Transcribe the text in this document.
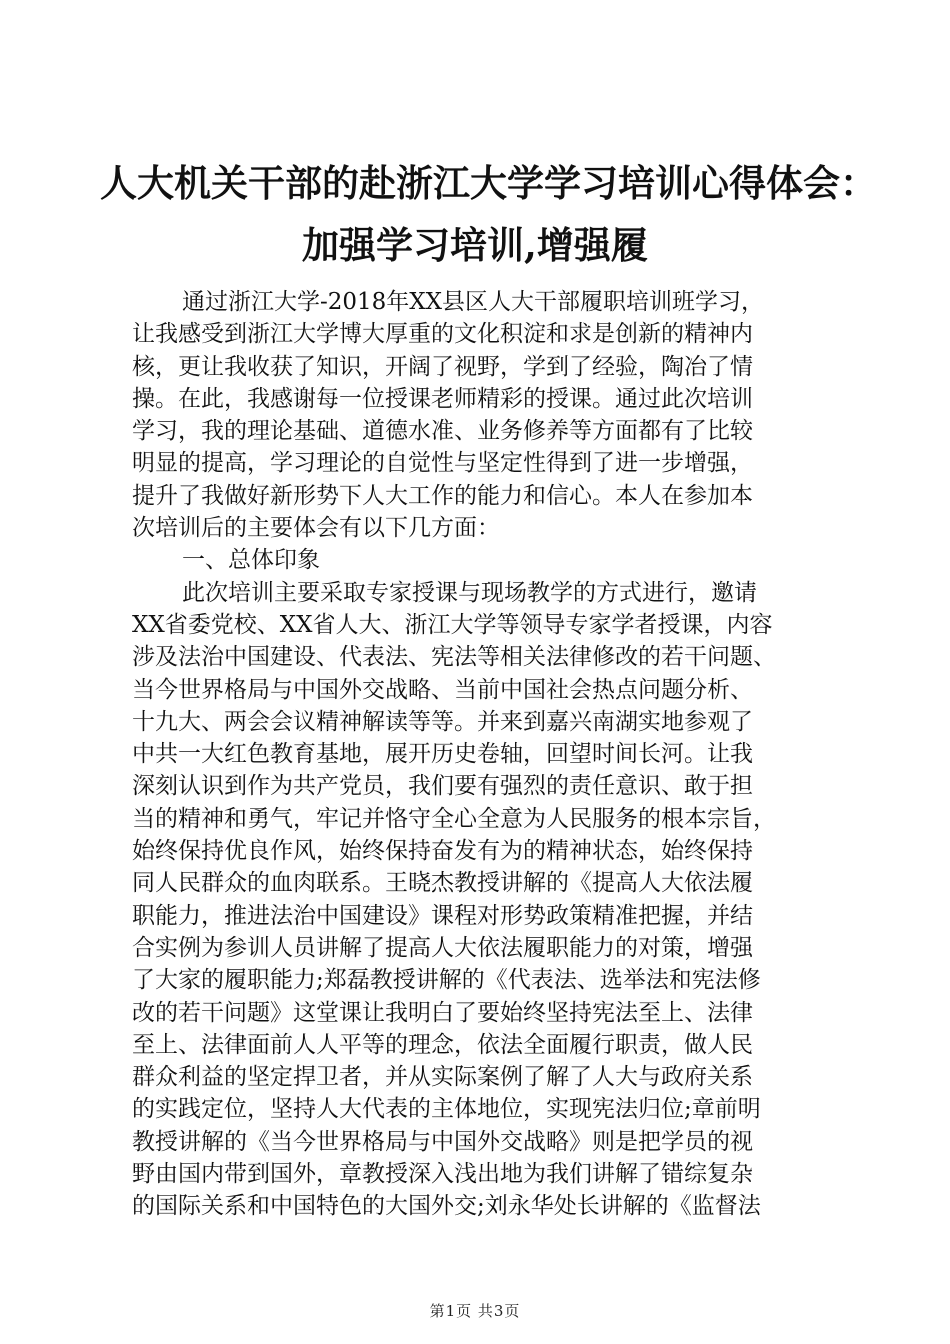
人大机关干部的赴浙江大学学习培训心得体会：
加强学习培训,增强履
通过浙江大学-2018年XX县区人大干部履职培训班学习，
让我感受到浙江大学博大厚重的文化积淀和求是创新的精神内
核，更让我收获了知识，开阔了视野，学到了经验，陶冶了情
操。在此，我感谢每一位授课老师精彩的授课。通过此次培训
学习，我的理论基础、道德水准、业务修养等方面都有了比较
明显的提高，学习理论的自觉性与坚定性得到了进一步增强，
提升了我做好新形势下人大工作的能力和信心。本人在参加本
次培训后的主要体会有以下几方面：
一、总体印象
此次培训主要采取专家授课与现场教学的方式进行，邀请
XX省委党校、XX省人大、浙江大学等领导专家学者授课，内容
涉及法治中国建设、代表法、宪法等相关法律修改的若干问题、
当今世界格局与中国外交战略、当前中国社会热点问题分析、
十九大、两会会议精神解读等等。并来到嘉兴南湖实地参观了
中共一大红色教育基地，展开历史卷轴，回望时间长河。让我
深刻认识到作为共产党员，我们要有强烈的责任意识、敢于担
当的精神和勇气，牢记并恪守全心全意为人民服务的根本宗旨，
始终保持优良作风，始终保持奋发有为的精神状态，始终保持
同人民群众的血肉联系。王晓杰教授讲解的《提高人大依法履
职能力，推进法治中国建设》课程对形势政策精准把握，并结
合实例为参训人员讲解了提高人大依法履职能力的对策，增强
了大家的履职能力;郑磊教授讲解的《代表法、选举法和宪法修
改的若干问题》这堂课让我明白了要始终坚持宪法至上、法律
至上、法律面前人人平等的理念，依法全面履行职责，做人民
群众利益的坚定捍卫者，并从实际案例了解了人大与政府关系
的实践定位，坚持人大代表的主体地位，实现宪法归位;章前明
教授讲解的《当今世界格局与中国外交战略》则是把学员的视
野由国内带到国外，章教授深入浅出地为我们讲解了错综复杂
的国际关系和中国特色的大国外交;刘永华处长讲解的《监督法
第1页 共3页
